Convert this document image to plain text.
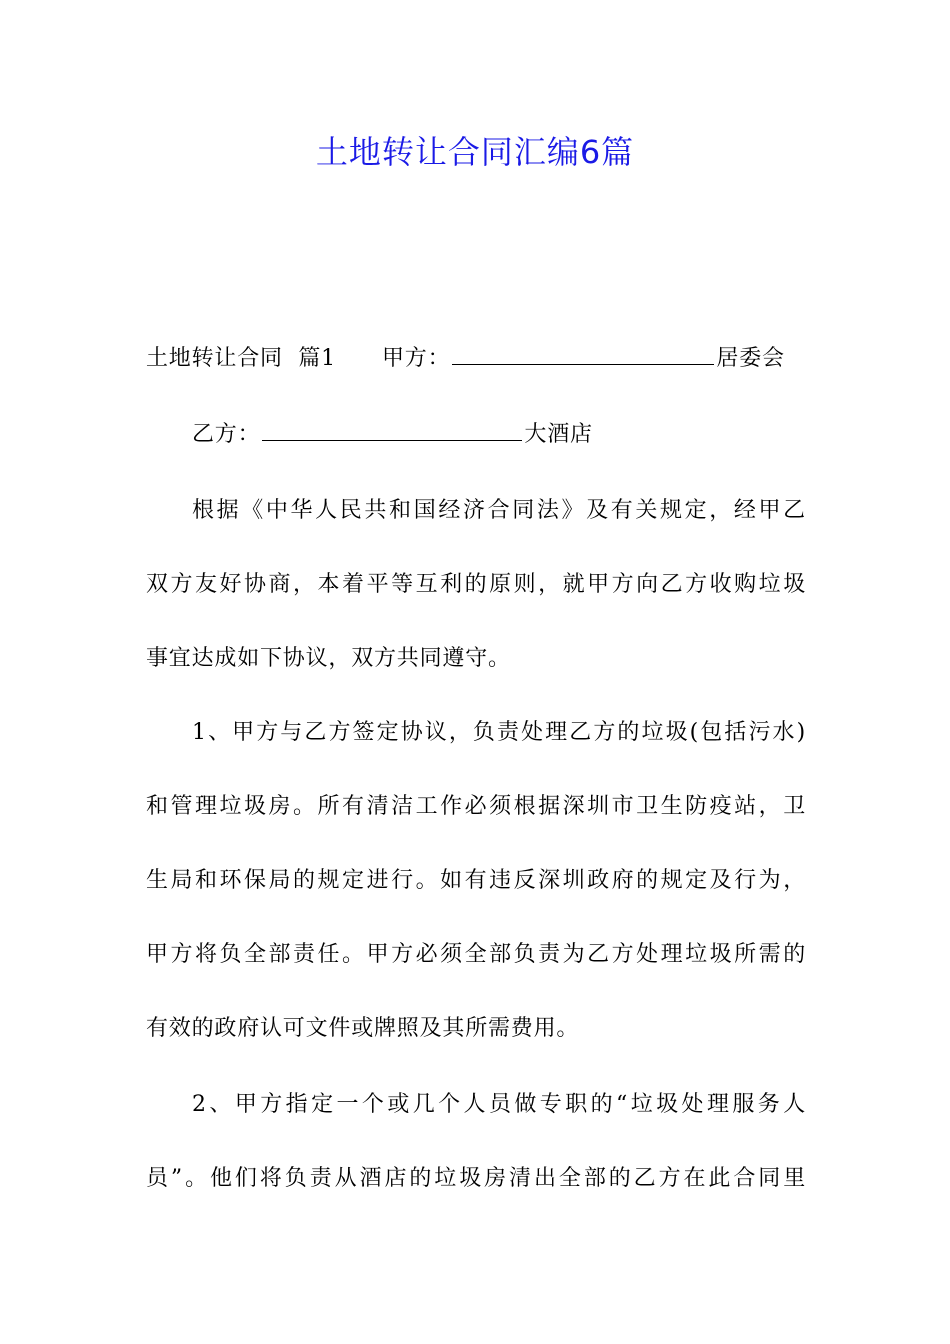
土地转让合同汇编6篇
土地转让合同  篇1 甲方：	居委会
乙方：	大酒店
根据《中华人民共和国经济合同法》及有关规定，经甲乙
双方友好协商，本着平等互利的原则，就甲方向乙方收购垃圾
事宜达成如下协议，双方共同遵守。
1、甲方与乙方签定协议，负责处理乙方的垃圾(包括污水)
和管理垃圾房。所有清洁工作必须根据深圳市卫生防疫站，卫
生局和环保局的规定进行。如有违反深圳政府的规定及行为，
甲方将负全部责任。甲方必须全部负责为乙方处理垃圾所需的
有效的政府认可文件或牌照及其所需费用。
2、甲方指定一个或几个人员做专职的“垃圾处理服务人
员”。他们将负责从酒店的垃圾房清出全部的乙方在此合同里
